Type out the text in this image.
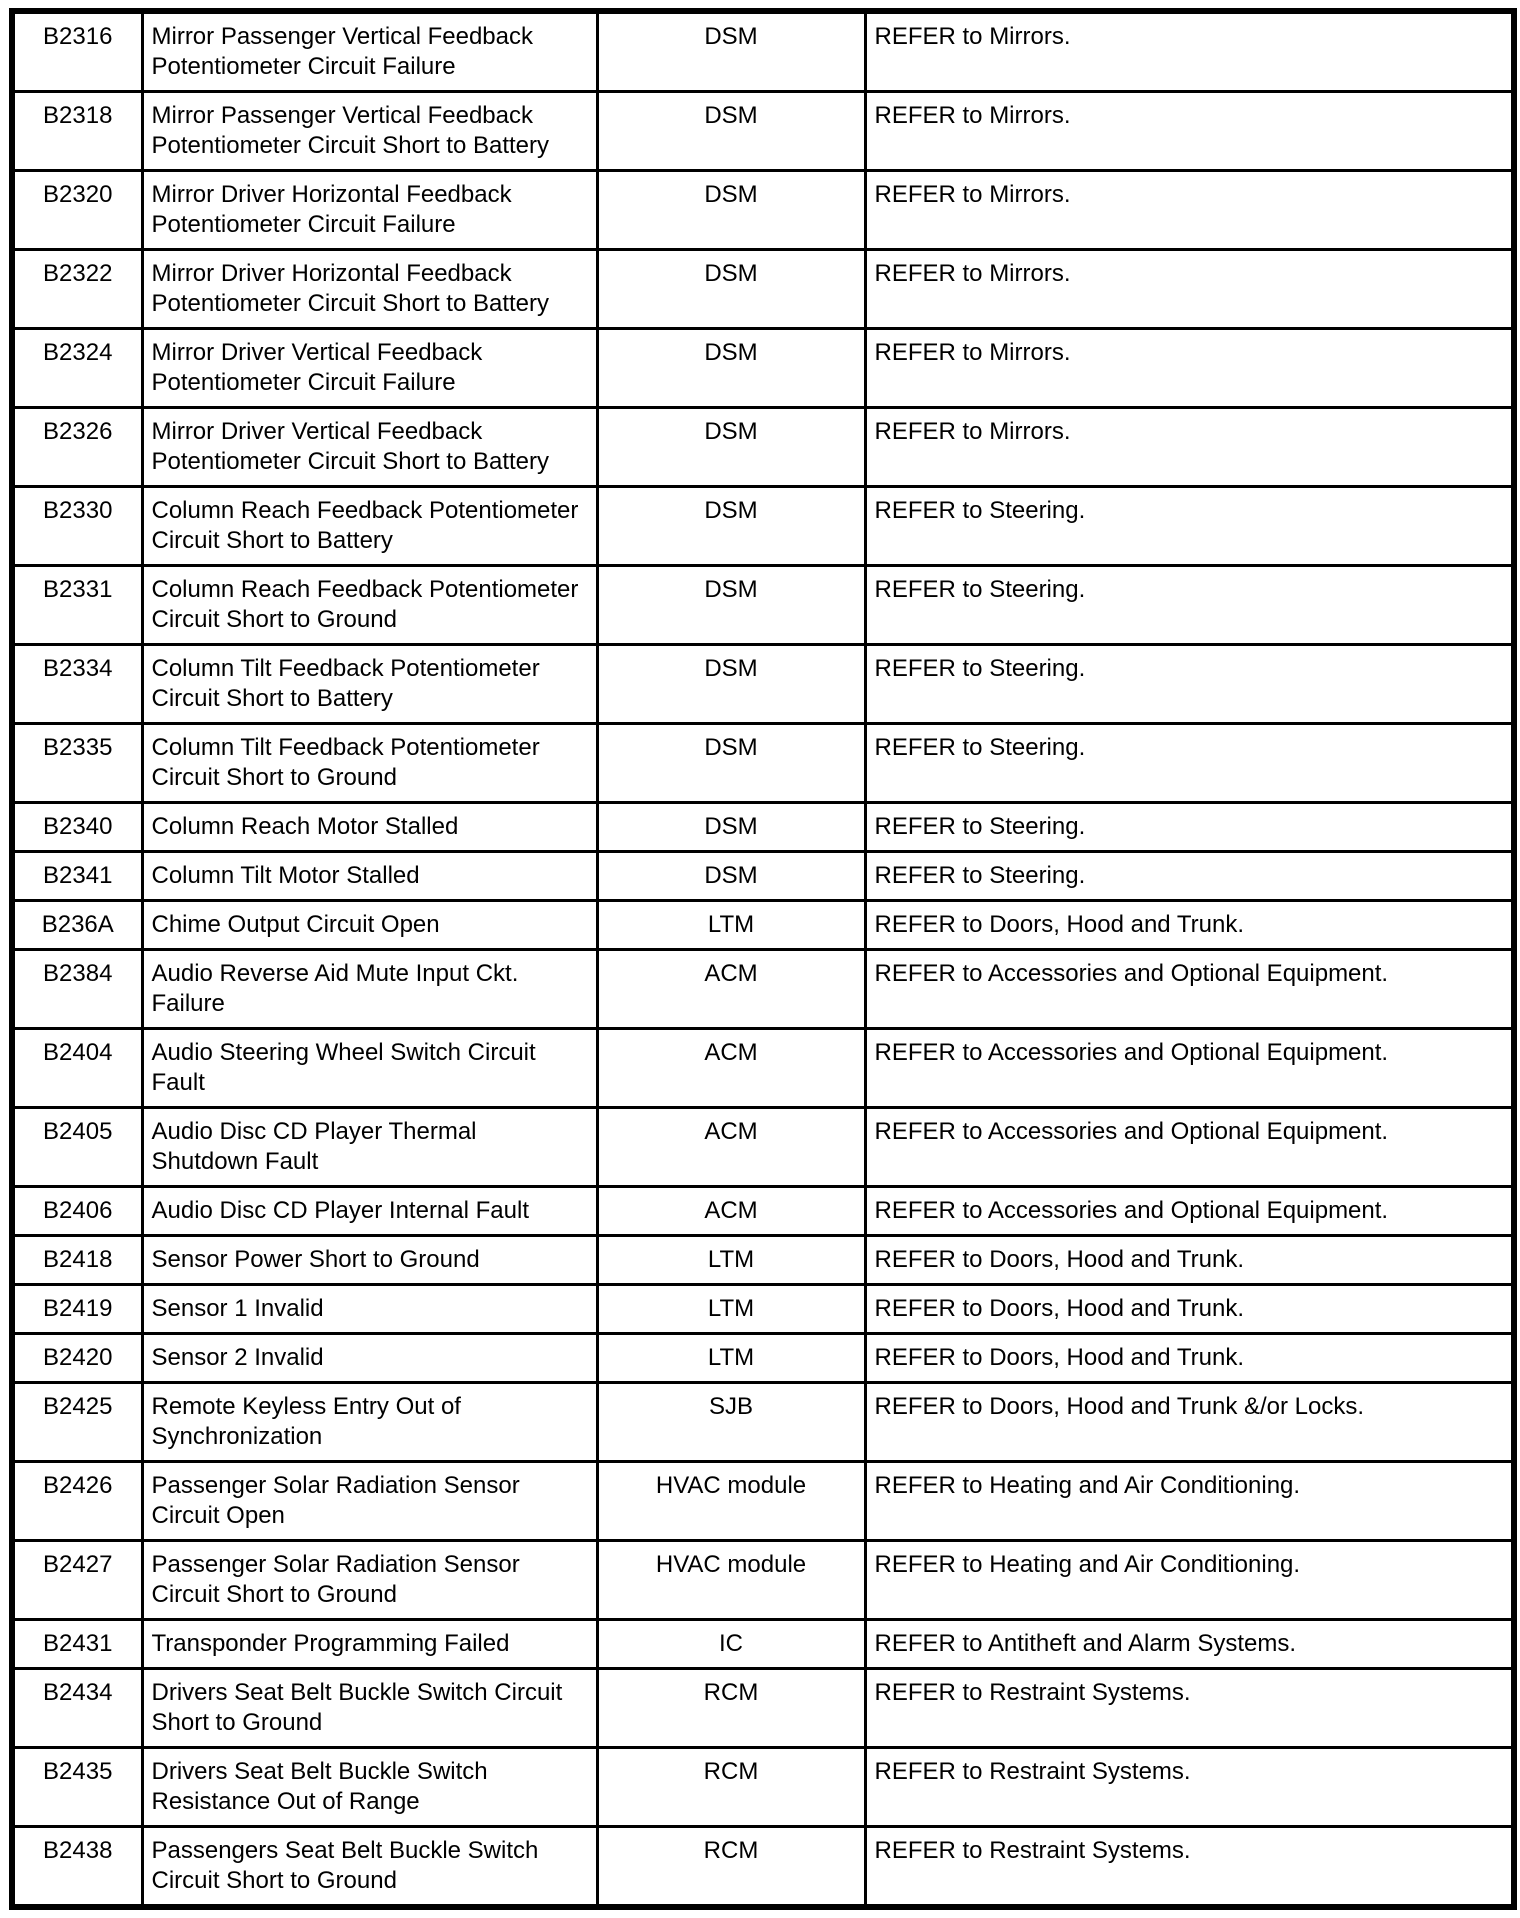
B2316	Mirror Passenger Vertical Feedback Potentiometer Circuit Failure	DSM	REFER to Mirrors.
B2318	Mirror Passenger Vertical Feedback Potentiometer Circuit Short to Battery	DSM	REFER to Mirrors.
B2320	Mirror Driver Horizontal Feedback Potentiometer Circuit Failure	DSM	REFER to Mirrors.
B2322	Mirror Driver Horizontal Feedback Potentiometer Circuit Short to Battery	DSM	REFER to Mirrors.
B2324	Mirror Driver Vertical Feedback Potentiometer Circuit Failure	DSM	REFER to Mirrors.
B2326	Mirror Driver Vertical Feedback Potentiometer Circuit Short to Battery	DSM	REFER to Mirrors.
B2330	Column Reach Feedback Potentiometer Circuit Short to Battery	DSM	REFER to Steering.
B2331	Column Reach Feedback Potentiometer Circuit Short to Ground	DSM	REFER to Steering.
B2334	Column Tilt Feedback Potentiometer Circuit Short to Battery	DSM	REFER to Steering.
B2335	Column Tilt Feedback Potentiometer Circuit Short to Ground	DSM	REFER to Steering.
B2340	Column Reach Motor Stalled	DSM	REFER to Steering.
B2341	Column Tilt Motor Stalled	DSM	REFER to Steering.
B236A	Chime Output Circuit Open	LTM	REFER to Doors, Hood and Trunk.
B2384	Audio Reverse Aid Mute Input Ckt. Failure	ACM	REFER to Accessories and Optional Equipment.
B2404	Audio Steering Wheel Switch Circuit Fault	ACM	REFER to Accessories and Optional Equipment.
B2405	Audio Disc CD Player Thermal Shutdown Fault	ACM	REFER to Accessories and Optional Equipment.
B2406	Audio Disc CD Player Internal Fault	ACM	REFER to Accessories and Optional Equipment.
B2418	Sensor Power Short to Ground	LTM	REFER to Doors, Hood and Trunk.
B2419	Sensor 1 Invalid	LTM	REFER to Doors, Hood and Trunk.
B2420	Sensor 2 Invalid	LTM	REFER to Doors, Hood and Trunk.
B2425	Remote Keyless Entry Out of Synchronization	SJB	REFER to Doors, Hood and Trunk &/or Locks.
B2426	Passenger Solar Radiation Sensor Circuit Open	HVAC module	REFER to Heating and Air Conditioning.
B2427	Passenger Solar Radiation Sensor Circuit Short to Ground	HVAC module	REFER to Heating and Air Conditioning.
B2431	Transponder Programming Failed	IC	REFER to Antitheft and Alarm Systems.
B2434	Drivers Seat Belt Buckle Switch Circuit Short to Ground	RCM	REFER to Restraint Systems.
B2435	Drivers Seat Belt Buckle Switch Resistance Out of Range	RCM	REFER to Restraint Systems.
B2438	Passengers Seat Belt Buckle Switch Circuit Short to Ground	RCM	REFER to Restraint Systems.
